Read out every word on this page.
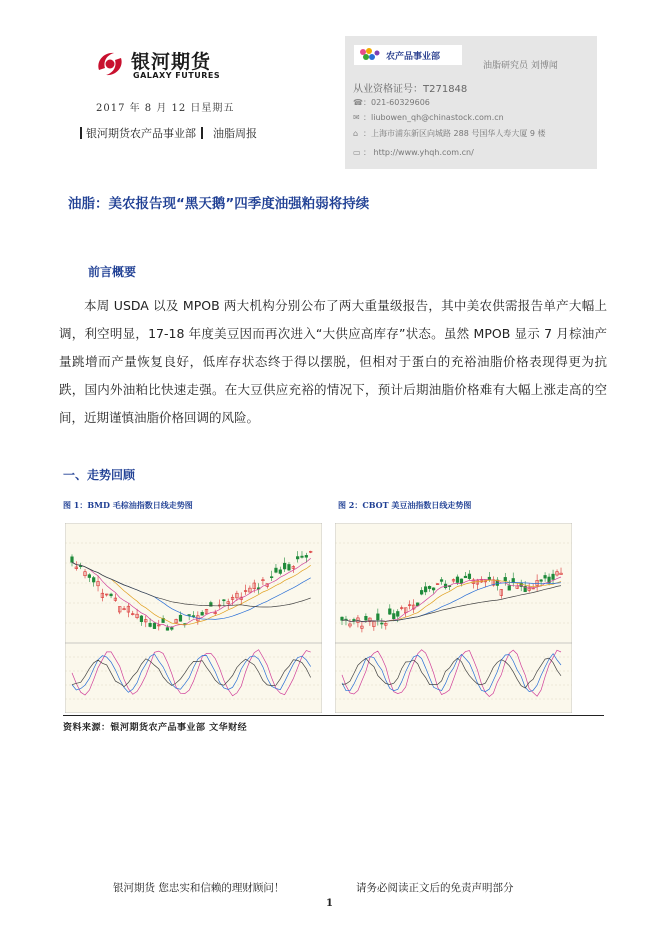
银河期货
GALAXY FUTURES
2017 年 8 月 12 日星期五
银河期货农产品事业部 油脂周报
农产品事业部
油脂研究员 刘博闻
从业资格证号：T271848
☎：021-60329606
✉ ：liubowen_qh@chinastock.com.cn
⌂ ：上海市浦东新区向城路 288 号国华人寿大厦 9 楼
▭ ： http://www.yhqh.com.cn/
油脂：美农报告现“黑天鹅”四季度油强粕弱将持续
前言概要
本周 USDA 以及 MPOB 两大机构分别公布了两大重量级报告，其中美农供需报告单产大幅上调，利空明显，17-18 年度美豆因而再次进入“大供应高库存”状态。虽然 MPOB 显示 7 月棕油产量跳增而产量恢复良好，低库存状态终于得以摆脱，但相对于蛋白的充裕油脂价格表现得更为抗跌，国内外油粕比快速走强。在大豆供应充裕的情况下，预计后期油脂价格难有大幅上涨走高的空间，近期谨慎油脂价格回调的风险。
一、走势回顾
图 1：BMD 毛棕油指数日线走势图	图 2：CBOT 美豆油指数日线走势图
资料来源：银河期货农产品事业部 文华财经
银河期货 您忠实和信赖的理财顾问！	请务必阅读正文后的免责声明部分
1
